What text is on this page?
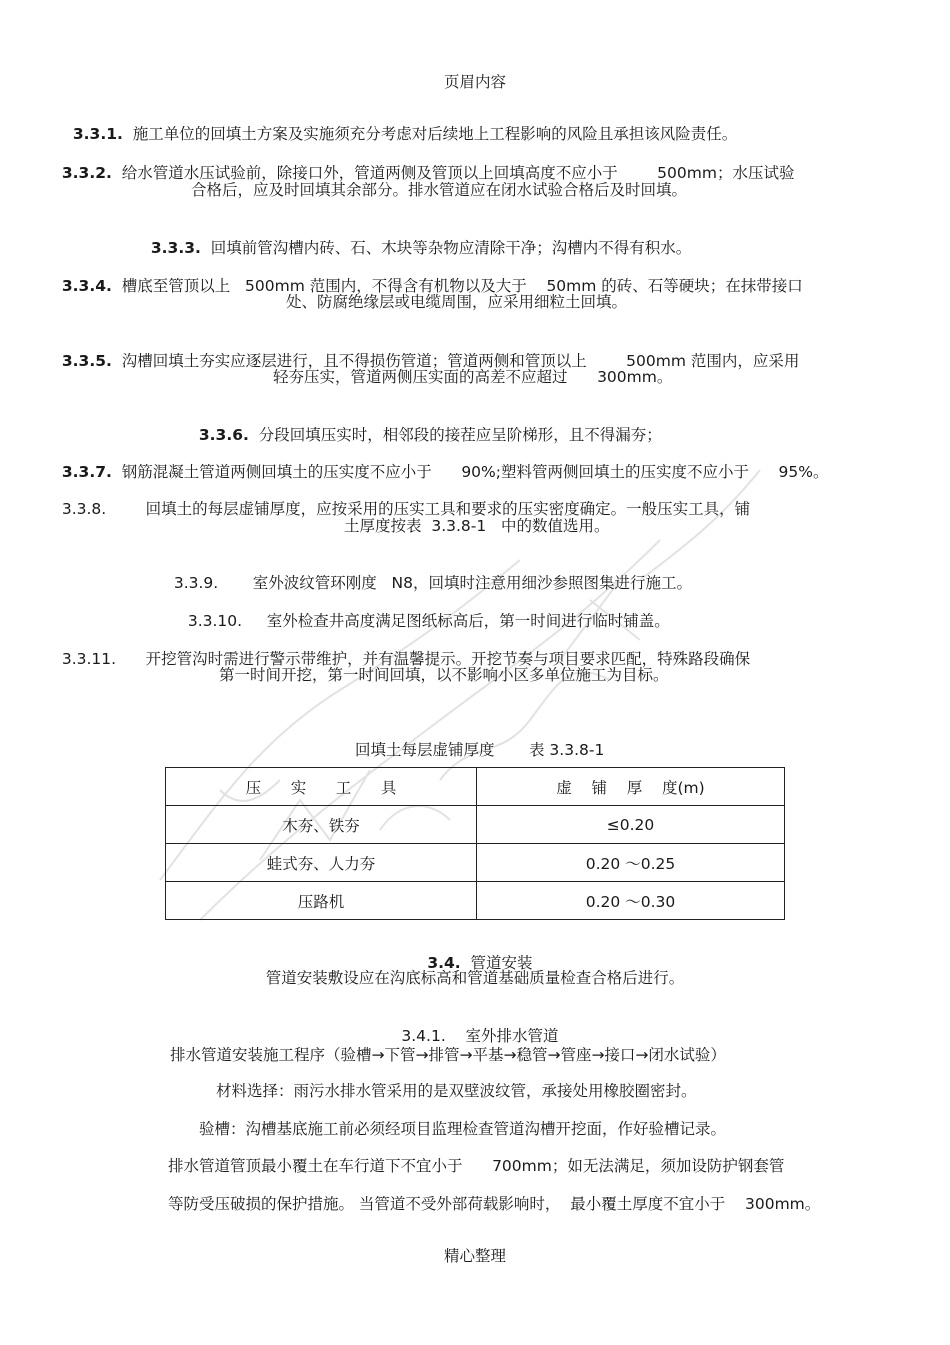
页眉内容

3.3.1. 施工单位的回填土方案及实施须充分考虑对后续地上工程影响的风险且承担该风险责任。

3.3.2. 给水管道水压试验前，除接口外，管道两侧及管顶以上回填高度不应小于        500mm；水压试验

合格后，应及时回填其余部分。排水管道应在闭水试验合格后及时回填。

3.3.3. 回填前管沟槽内砖、石、木块等杂物应清除干净；沟槽内不得有积水。

3.3.4. 槽底至管顶以上   500mm 范围内，不得含有机物以及大于    50mm 的砖、石等硬块；在抹带接口

处、防腐绝缘层或电缆周围，应采用细粒土回填。

3.3.5. 沟槽回填土夯实应逐层进行，且不得损伤管道；管道两侧和管顶以上        500mm 范围内，应采用

轻夯压实，管道两侧压实面的高差不应超过      300mm。

3.3.6. 分段回填压实时，相邻段的接茬应呈阶梯形，且不得漏夯；

3.3.7. 钢筋混凝土管道两侧回填土的压实度不应小于      90%;塑料管两侧回填土的压实度不应小于      95%。

3.3.8.	回填土的每层虚铺厚度，应按采用的压实工具和要求的压实密度确定。一般压实工具，铺

土厚度按表  3.3.8-1   中的数值选用。

3.3.9. 室外波纹管环刚度   N8，回填时注意用细沙参照图集进行施工。

3.3.10. 室外检查井高度满足图纸标高后，第一时间进行临时铺盖。

3.3.11. 开挖管沟时需进行警示带维护，并有温馨提示。开挖节奏与项目要求匹配，特殊路段确保

第一时间开挖，第一时间回填，以不影响小区多单位施工为目标。
回填土每层虚铺厚度       表 3.3.8-1
压      实      工      具	虚    铺    厚    度(m)
木夯、铁夯	≤0.20
蛙式夯、人力夯	0.20 ～0.25
压路机	0.20 ～0.30

3.4. 管道安装

管道安装敷设应在沟底标高和管道基础质量检查合格后进行。

3.4.1. 室外排水管道

排水管道安装施工程序（验槽→下管→排管→平基→稳管→管座→接口→闭水试验）
材料选择：雨污水排水管采用的是双壁波纹管，承接处用橡胶圈密封。
验槽：沟槽基底施工前必须经项目监理检查管道沟槽开挖面，作好验槽记录。
排水管道管顶最小覆土在车行道下不宜小于      700mm；如无法满足，须加设防护钢套管
等防受压破损的保护措施。 当管道不受外部荷载影响时，  最小覆土厚度不宜小于    300mm。
精心整理
